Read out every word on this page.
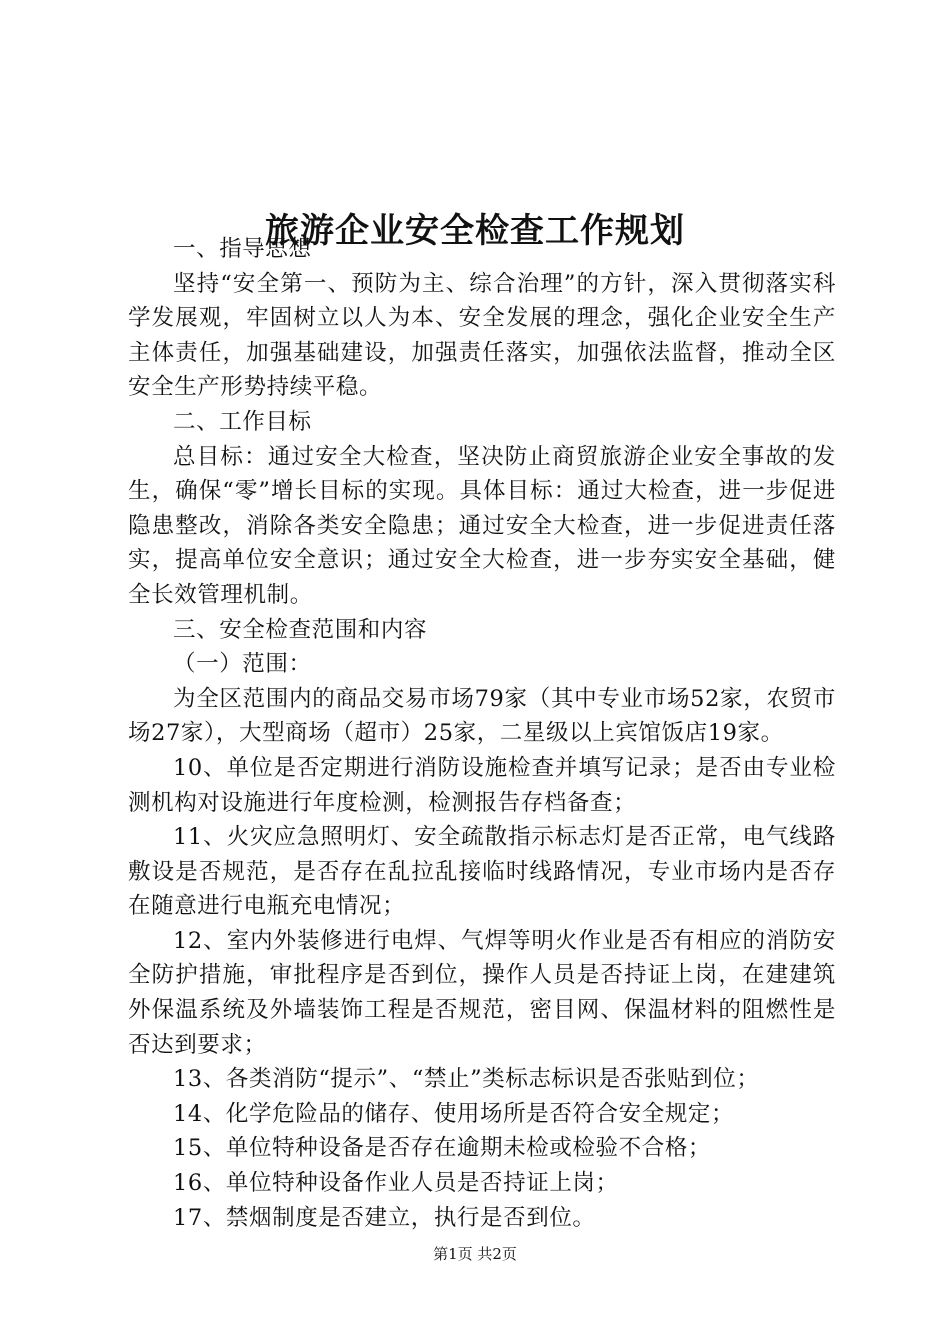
旅游企业安全检查工作规划

一、指导思想

坚持“安全第一、预防为主、综合治理”的方针，深入贯彻落实科学发展观，牢固树立以人为本、安全发展的理念，强化企业安全生产主体责任，加强基础建设，加强责任落实，加强依法监督，推动全区安全生产形势持续平稳。

二、工作目标

总目标：通过安全大检查，坚决防止商贸旅游企业安全事故的发生，确保“零”增长目标的实现。具体目标：通过大检查，进一步促进隐患整改，消除各类安全隐患；通过安全大检查，进一步促进责任落实，提高单位安全意识；通过安全大检查，进一步夯实安全基础，健全长效管理机制。

三、安全检查范围和内容

（一）范围：

为全区范围内的商品交易市场79家（其中专业市场52家，农贸市场27家），大型商场（超市）25家，二星级以上宾馆饭店19家。

10、单位是否定期进行消防设施检查并填写记录；是否由专业检测机构对设施进行年度检测，检测报告存档备查；

11、火灾应急照明灯、安全疏散指示标志灯是否正常，电气线路敷设是否规范，是否存在乱拉乱接临时线路情况，专业市场内是否存在随意进行电瓶充电情况；

12、室内外装修进行电焊、气焊等明火作业是否有相应的消防安全防护措施，审批程序是否到位，操作人员是否持证上岗，在建建筑外保温系统及外墙装饰工程是否规范，密目网、保温材料的阻燃性是否达到要求；

13、各类消防“提示”、“禁止”类标志标识是否张贴到位；

14、化学危险品的储存、使用场所是否符合安全规定；

15、单位特种设备是否存在逾期未检或检验不合格；

16、单位特种设备作业人员是否持证上岗；

17、禁烟制度是否建立，执行是否到位。

第1页 共2页
